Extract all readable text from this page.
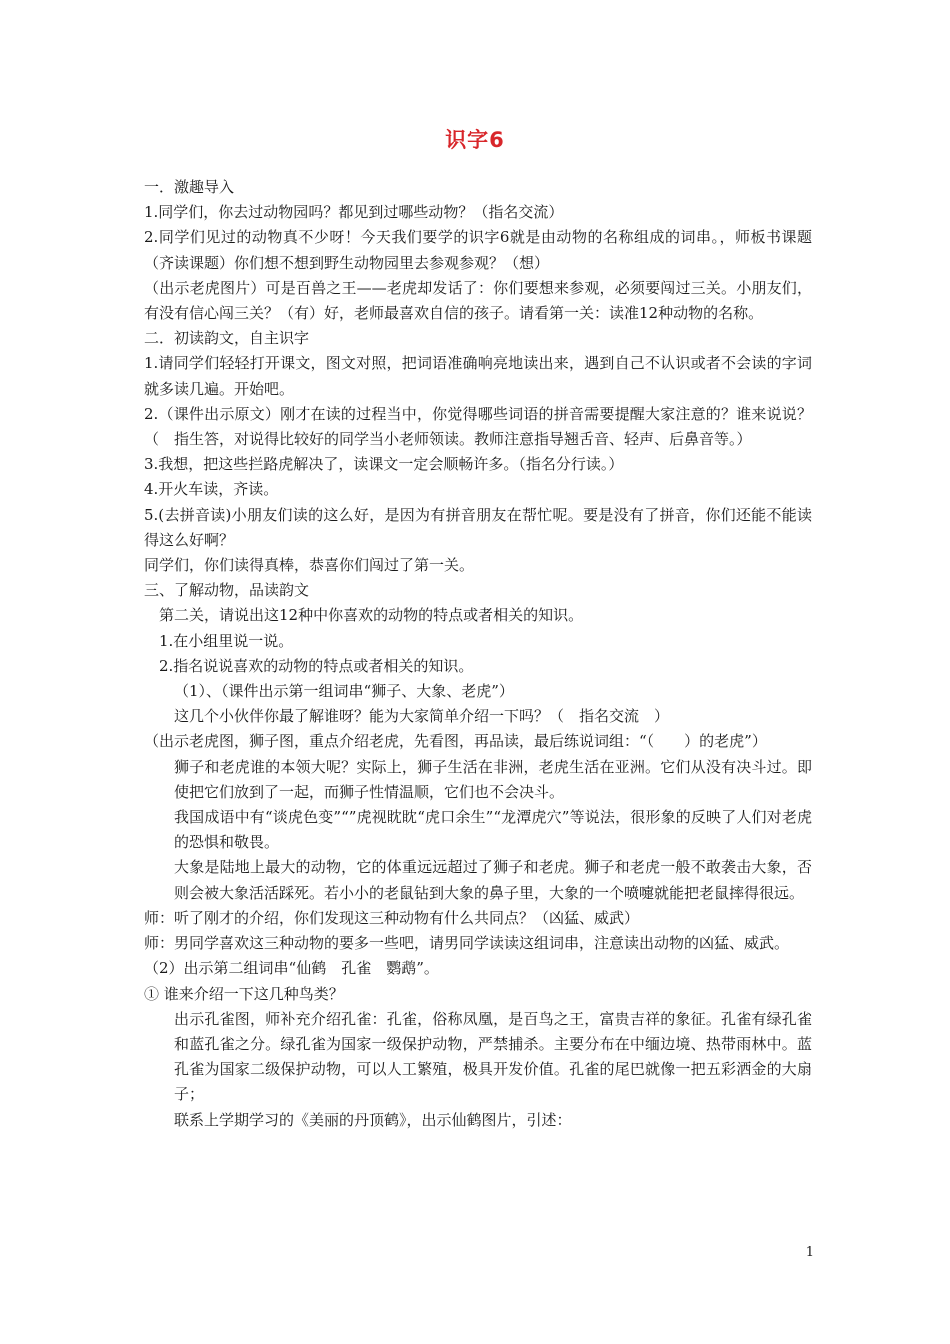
识字6

一．激趣导入

1.同学们，你去过动物园吗？都见到过哪些动物？（指名交流）

2.同学们见过的动物真不少呀！今天我们要学的识字6就是由动物的名称组成的词串。，师板书课题（齐读课题）你们想不想到野生动物园里去参观参观？（想）

（出示老虎图片）可是百兽之王——老虎却发话了：你们要想来参观，必须要闯过三关。小朋友们，有没有信心闯三关？（有）好，老师最喜欢自信的孩子。请看第一关：读准12种动物的名称。

二．初读韵文，自主识字

1.请同学们轻轻打开课文，图文对照，把词语准确响亮地读出来，遇到自己不认识或者不会读的字词就多读几遍。开始吧。

2.（课件出示原文）刚才在读的过程当中，你觉得哪些词语的拼音需要提醒大家注意的？谁来说说？（　指生答，对说得比较好的同学当小老师领读。教师注意指导翘舌音、轻声、后鼻音等。）

3.我想，把这些拦路虎解决了，读课文一定会顺畅许多。（指名分行读。）

4.开火车读，齐读。

5.(去拼音读)小朋友们读的这么好，是因为有拼音朋友在帮忙呢。要是没有了拼音，你们还能不能读得这么好啊？

同学们，你们读得真棒，恭喜你们闯过了第一关。

三、了解动物，品读韵文

第二关，请说出这12种中你喜欢的动物的特点或者相关的知识。

1.在小组里说一说。

2.指名说说喜欢的动物的特点或者相关的知识。

（1）、（课件出示第一组词串“狮子、大象、老虎”）

这几个小伙伴你最了解谁呀？能为大家简单介绍一下吗？（　指名交流　）

（出示老虎图，狮子图，重点介绍老虎，先看图，再品读，最后练说词组：“（　　）的老虎”）

狮子和老虎谁的本领大呢？实际上，狮子生活在非洲，老虎生活在亚洲。它们从没有决斗过。即使把它们放到了一起，而狮子性情温顺，它们也不会决斗。

我国成语中有“谈虎色变”“”虎视眈眈“虎口余生”“龙潭虎穴”等说法，很形象的反映了人们对老虎的恐惧和敬畏。

大象是陆地上最大的动物，它的体重远远超过了狮子和老虎。狮子和老虎一般不敢袭击大象，否则会被大象活活踩死。若小小的老鼠钻到大象的鼻子里，大象的一个喷嚏就能把老鼠摔得很远。

师：听了刚才的介绍，你们发现这三种动物有什么共同点？（凶猛、威武）

师：男同学喜欢这三种动物的要多一些吧，请男同学读读这组词串，注意读出动物的凶猛、威武。

（2）出示第二组词串“仙鹤　孔雀　鹦鹉”。

① 谁来介绍一下这几种鸟类？

出示孔雀图，师补充介绍孔雀：孔雀，俗称凤凰，是百鸟之王，富贵吉祥的象征。孔雀有绿孔雀和蓝孔雀之分。绿孔雀为国家一级保护动物，严禁捕杀。主要分布在中缅边境、热带雨林中。蓝孔雀为国家二级保护动物，可以人工繁殖，极具开发价值。孔雀的尾巴就像一把五彩洒金的大扇子；

联系上学期学习的《美丽的丹顶鹤》，出示仙鹤图片，引述：

1
